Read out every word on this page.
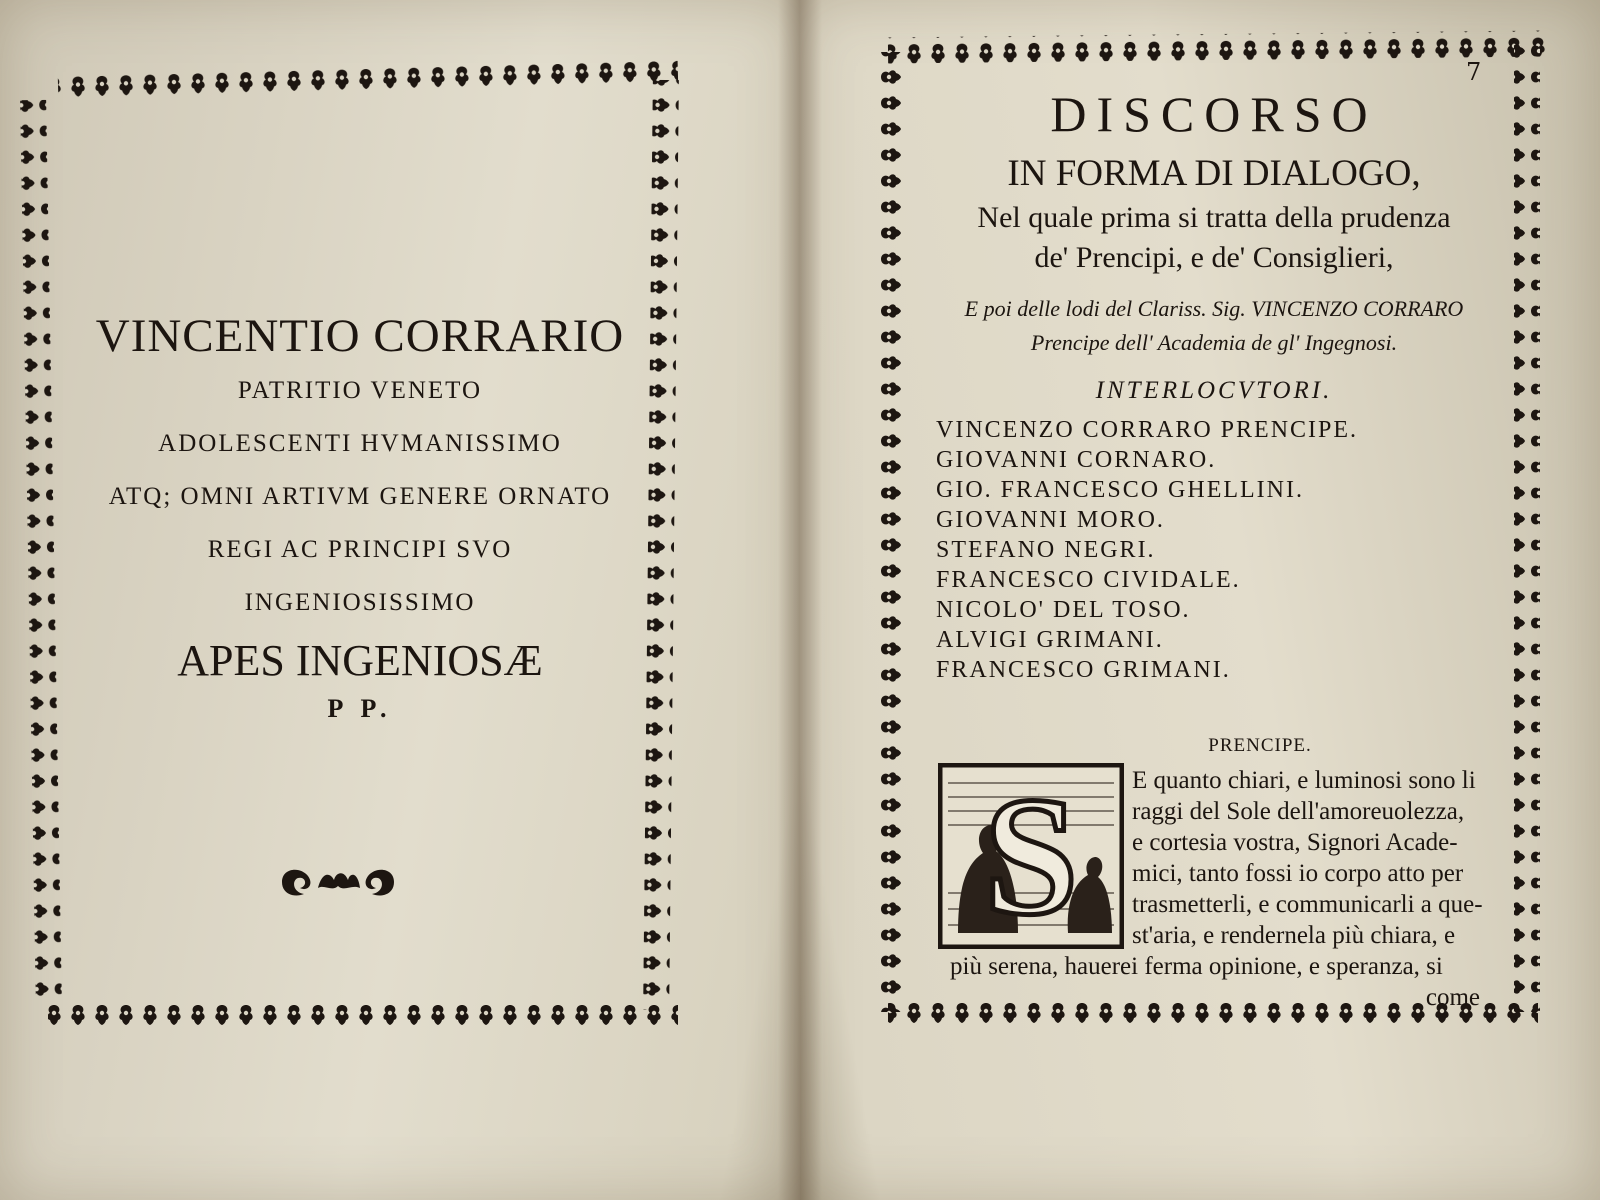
VINCENTIO CORRARIO
PATRITIO VENETO
ADOLESCENTI HVMANISSIMO
ATQ; OMNI ARTIVM GENERE ORNATO
REGI AC PRINCIPI SVO
INGENIOSISSIMO
APES INGENIOSÆ
P P.
7
DISCORSO
IN FORMA DI DIALOGO,
Nel quale prima si tratta della prudenza
de' Prencipi, e de' Consiglieri,
E poi delle lodi del Clariss. Sig. VINCENZO CORRARO
Prencipe dell' Academia de gl' Ingegnosi.
INTERLOCVTORI.
VINCENZO CORRARO PRENCIPE.
GIOVANNI CORNARO.
GIO. FRANCESCO GHELLINI.
GIOVANNI MORO.
STEFANO NEGRI.
FRANCESCO CIVIDALE.
NICOLO' DEL TOSO.
ALVIGI GRIMANI.
FRANCESCO GRIMANI.
PRENCIPE.
S	E quanto chiari, e luminosi sono li
raggi del Sole dell'amoreuolezza,
e cortesia vostra, Signori Acade-
mici, tanto fossi io corpo atto per
trasmetterli, e communicarli a que-
st'aria, e rendernela più chiara, e
più serena, hauerei ferma opinione, e speranza, si
come
